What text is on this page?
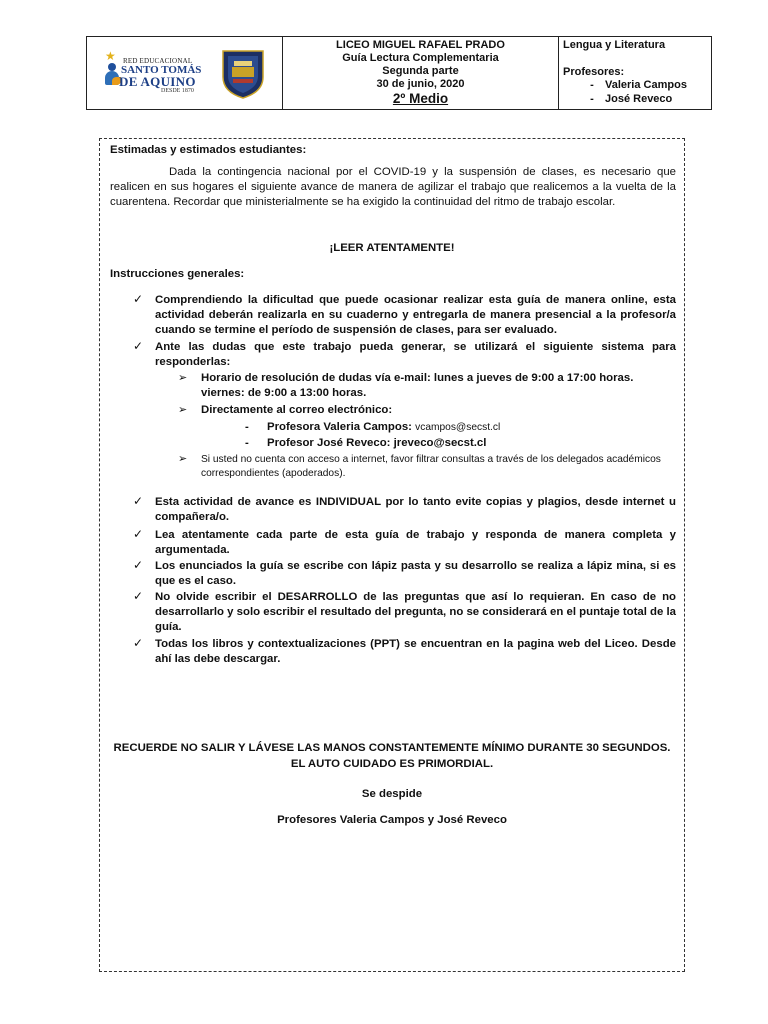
★ RED EDUCACIONAL
SANTO TOMÁS
DE AQUINO
DESDE 1870
LICEO MIGUEL RAFAEL PRADO
Guía Lectura Complementaria
Segunda parte
30 de junio, 2020
2º Medio
Lengua y Literatura
Profesores:
-	Valeria Campos
-	José Reveco

Estimadas y estimados estudiantes:

Dada la contingencia nacional por el COVID-19 y la suspensión de clases, es necesario que realicen en sus hogares el siguiente avance de manera de agilizar el trabajo que realicemos a la vuelta de la cuarentena. Recordar que ministerialmente se ha exigido la continuidad del ritmo de trabajo escolar.

¡LEER ATENTAMENTE!

Instrucciones generales:

✓ Comprendiendo la dificultad que puede ocasionar realizar esta guía de manera online, esta actividad deberán realizarla en su cuaderno y entregarla de manera presencial a la profesor/a cuando se termine el período de suspensión de clases, para ser evaluado.

✓ Ante las dudas que este trabajo pueda generar, se utilizará el siguiente sistema para responderlas:

➢ Horario de resolución de dudas vía e-mail: lunes a jueves de 9:00 a 17:00 horas. viernes: de 9:00 a 13:00 horas.

➢ Directamente al correo electrónico:

- Profesora Valeria Campos: vcampos@secst.cl

- Profesor José Reveco: jreveco@secst.cl

➢ Si usted no cuenta con acceso a internet, favor filtrar consultas a través de los delegados académicos correspondientes (apoderados).

✓ Esta actividad de avance es INDIVIDUAL por lo tanto evite copias y plagios, desde internet u compañera/o.

✓ Lea atentamente cada parte de esta guía de trabajo y responda de manera completa y argumentada.

✓ Los enunciados la guía se escribe con lápiz pasta y su desarrollo se realiza a lápiz mina, si es que es el caso.

✓ No olvide escribir el DESARROLLO de las preguntas que así lo requieran. En caso de no desarrollarlo y solo escribir el resultado del pregunta, no se considerará en el puntaje total de la guía.

✓ Todas los libros y contextualizaciones (PPT) se encuentran en la pagina web del Liceo. Desde ahí las debe descargar.

RECUERDE NO SALIR Y LÁVESE LAS MANOS CONSTANTEMENTE MÍNIMO DURANTE 30 SEGUNDOS.

EL AUTO CUIDADO ES PRIMORDIAL.

Se despide

Profesores Valeria Campos y José Reveco
